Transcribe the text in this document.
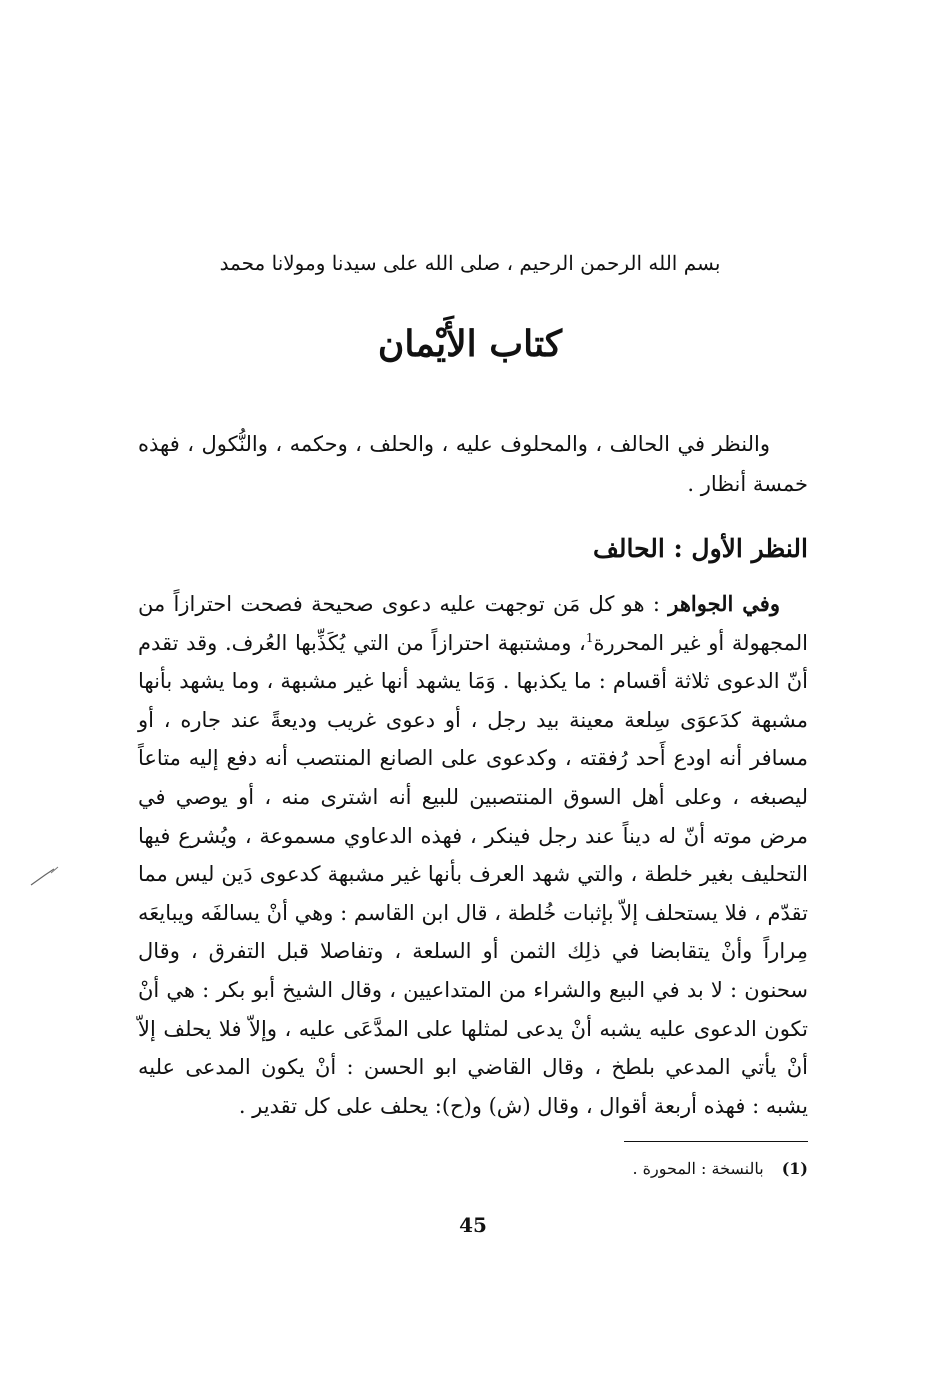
بسم الله الرحمن الرحيم ، صلى الله على سيدنا ومولانا محمد
كتاب الأَيْمان

والنظر في الحالف ، والمحلوف عليه ، والحلف ، وحكمه ، والنُّكول ، فهذه خمسة أنظار .

النظر الأول : الحالف

وفي الجواهر : هو كل مَن توجهت عليه دعوى صحيحة فصحت احترازاً من المجهولة أو غير المحررة$^1$، ومشتبهة احترازاً من التي يُكَذِّبها العُرف. وقد تقدم أنّ الدعوى ثلاثة أقسام : ما يكذبها . وَمَا يشهد أنها غير مشبهة ، وما يشهد بأنها مشبهة كدَعوَى سِلعة معينة بيد رجل ، أو دعوى غريب وديعةً عند جاره ، أو مسافر أنه اودع أَحد رُفقته ، وكدعوى على الصانع المنتصب أنه دفع إليه متاعاً ليصبغه ، وعلى أهل السوق المنتصبين للبيع أنه اشترى منه ، أو يوصي في مرض موته أنّ له ديناً عند رجل فينكر ، فهذه الدعاوي مسموعة ، ويُشرع فيها التحليف بغير خلطة ، والتي شهد العرف بأنها غير مشبهة كدعوى دَين ليس مما تقدّم ، فلا يستحلف إلاّ بإثبات خُلطة ، قال ابن القاسم : وهي أنْ يسالفَه ويبايعَه مِراراً وأنْ يتقابضا في ذلِك الثمن أو السلعة ، وتفاصلا قبل التفرق ، وقال سحنون : لا بد في البيع والشراء من المتداعيين ، وقال الشيخ أبو بكر : هي أنْ تكون الدعوى عليه يشبه أنْ يدعى لمثلها على المدَّعَى عليه ، وإلاّ فلا يحلف إلاّ أنْ يأتي المدعي بلطخ ، وقال القاضي ابو الحسن : أنْ يكون المدعى عليه يشبه : فهذه أربعة أقوال ، وقال (ش) و(ح): يحلف على كل تقدير .

(1)بالنسخة : المحورة .
45
